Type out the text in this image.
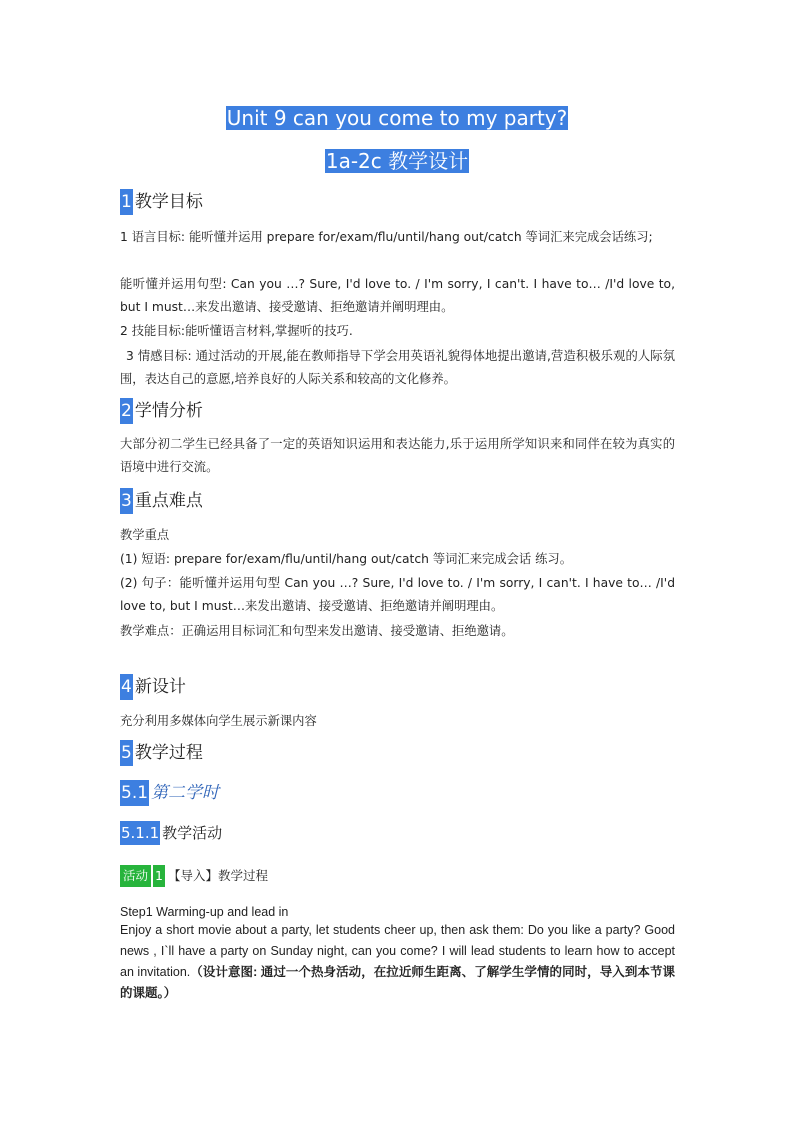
Unit 9 can you come to my party?
1a-2c 教学设计
1 教学目标
1 语言目标: 能听懂并运用 prepare for/exam/flu/until/hang out/catch 等词汇来完成会话练习;
能听懂并运用句型: Can you …? Sure, I'd love to. / I'm sorry, I can't. I have to… /I'd love to, but I must…来发出邀请、接受邀请、拒绝邀请并阐明理由。
2 技能目标:能听懂语言材料,掌握听的技巧.
3 情感目标: 通过活动的开展,能在教师指导下学会用英语礼貌得体地提出邀请,营造积极乐观的人际氛围，表达自己的意愿,培养良好的人际关系和较高的文化修养。
2 学情分析
大部分初二学生已经具备了一定的英语知识运用和表达能力,乐于运用所学知识来和同伴在较为真实的语境中进行交流。
3 重点难点
教学重点
(1) 短语: prepare for/exam/flu/until/hang out/catch 等词汇来完成会话 练习。
(2) 句子：能听懂并运用句型 Can you …? Sure, I'd love to. / I'm sorry, I can't. I have to… /I'd love to, but I must…来发出邀请、接受邀请、拒绝邀请并阐明理由。
教学难点：正确运用目标词汇和句型来发出邀请、接受邀请、拒绝邀请。
4 新设计
充分利用多媒体向学生展示新课内容
5 教学过程
5.1 第二学时
5.1.1 教学活动
活动 1 【导入】教学过程
Step1 Warming-up and lead in
Enjoy a short movie about a party, let students cheer up, then ask them: Do you like a party? Good news , I`ll have a party on Sunday night, can you come? I will lead students to learn how to accept an invitation.（设计意图: 通过一个热身活动，在拉近师生距离、了解学生学情的同时，导入到本节课的课题。）
